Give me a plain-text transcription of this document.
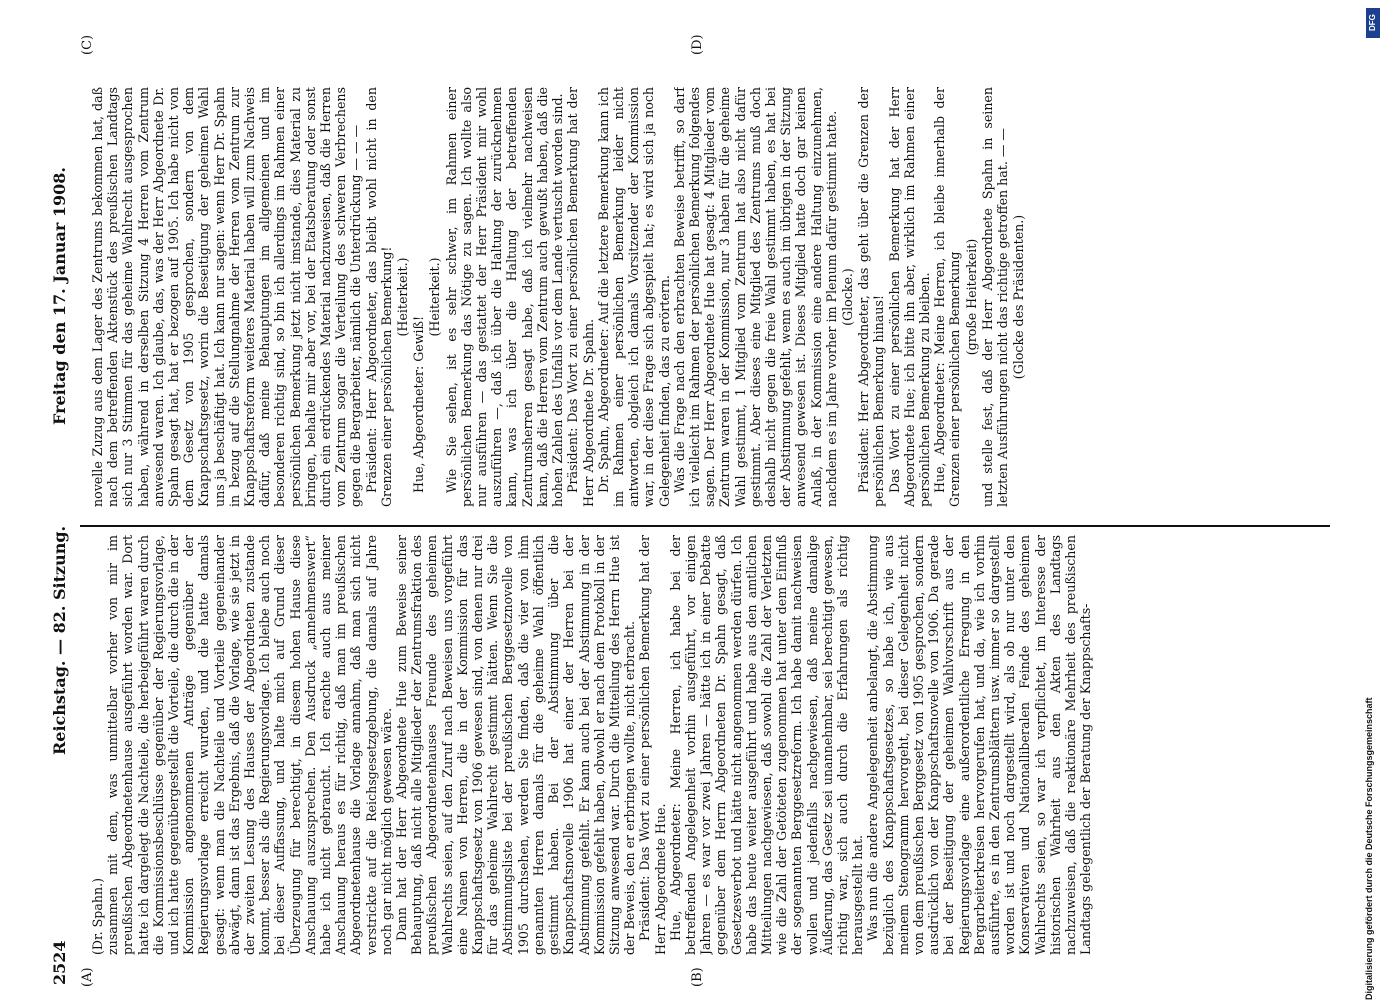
2524
Reichstag. — 82. Sitzung.
Freitag den 17. Januar 1908.
(A)	(B)
(C)	(D)

(Dr. Spahn.) zusammen mit dem, was unmittelbar vorher von mir im preußischen Abgeordnetenhause ausgeführt worden war. Dort hatte ich dargelegt die Nachteile, die herbeigeführt waren durch die Kommissionsbeschlüsse gegenüber der Regierungsvorlage, und ich hatte gegenübergestellt die Vorteile, die durch die in der Kommission angenommenen Anträge gegenüber der Regierungsvorlage erreicht wurden, und die hatte damals gesagt: wenn man die Nachteile und Vorteile gegeneinander abwägt, dann ist das Ergebnis, daß die Vorlage, wie sie jetzt in der zweiten Lesung des Hauses der Abgeordneten zustande kommt, besser als die Regierungsvorlage. Ich bleibe auch noch bei dieser Auffassung, und halte mich auf Grund dieser Überzeugung für berechtigt, in diesem hohen Hause diese Anschauung auszusprechen. Den Ausdruck „annehmenswert“ habe ich nicht gebraucht. Ich erachte auch aus meiner Anschauung heraus es für richtig, daß man im preußischen Abgeordnetenhause die Vorlage annahm, daß man sich nicht verstrickte auf die Reichsgesetzgebung, die damals auf Jahre noch gar nicht möglich gewesen wäre. Dann hat der Herr Abgeordnete Hue zum Beweise seiner Behauptung, daß nicht alle Mitglieder der Zentrumsfraktion des preußischen Abgeordnetenhauses Freunde des geheimen Wahlrechts seien, auf den Zuruf nach Beweisen uns vorgeführt eine Namen von Herren, die in der Kommission für das Knappschaftsgesetz von 1906 gewesen sind, von denen nur drei für das geheime Wahlrecht gestimmt hätten. Wenn Sie die Abstimmungsliste bei der preußischen Berggesetznovelle von 1905 durchsehen, werden Sie finden, daß die vier von ihm genannten Herren damals für die geheime Wahl öffentlich gestimmt haben. Bei der Abstimmung über die Knappschaftsnovelle 1906 hat einer der Herren bei der Abstimmung gefehlt. Er kann auch bei der Abstimmung in der Kommission gefehlt haben, obwohl er nach dem Protokoll in der Sitzung anwesend war. Durch die Mitteilung des Herrn Hue ist der Beweis, den er erbringen wollte, nicht erbracht. Präsident: Das Wort zu einer persönlichen Bemerkung hat der Herr Abgeordnete Hue. Hue, Abgeordneter: Meine Herren, ich habe bei der betreffenden Angelegenheit vorhin ausgeführt, vor einigen Jahren — es war vor zwei Jahren — hätte ich in einer Debatte gegenüber dem Herrn Abgeordneten Dr. Spahn gesagt, daß Gesetzesverbot und hätte nicht angenommen werden dürfen. Ich habe das heute weiter ausgeführt und habe aus den amtlichen Mitteilungen nachgewiesen, daß sowohl die Zahl der Verletzten wie die Zahl der Getöteten zugenommen hat unter dem Einfluß der sogenannten Berggesetzreform. Ich habe damit nachweisen wollen und jedenfalls nachgewiesen, daß meine damalige Äußerung, das Gesetz sei unannehmbar, sei berechtigt gewesen, richtig war, sich auch durch die Erfahrungen als richtig herausgestellt hat. Was nun die andere Angelegenheit anbelangt, die Abstimmung bezüglich des Knappschaftsgesetzes, so habe ich, wie aus meinem Stenogramm hervorgeht, bei dieser Gelegenheit nicht von dem preußischen Berggesetz von 1905 gesprochen, sondern ausdrücklich von der Knappschaftsnovelle von 1906. Da gerade bei der Beseitigung der geheimen Wahlvorschrift aus der Regierungsvorlage eine außerordentliche Erregung in den Bergarbeiterkreisen hervorgerufen hat, und da, wie ich vorhin ausführte, es in den Zentrumsblättern usw. immer so dargestellt worden ist und noch dargestellt wird, als ob nur unter den Konservativen und Nationalliberalen Feinde des geheimen Wahlrechts seien, so war ich verpflichtet, im Interesse der historischen Wahrheit aus den Akten des Landtags nachzuweisen, daß die reaktionäre Mehrheit des preußischen Landtags gelegentlich der Beratung der Knappschafts-

novelle Zuzug aus dem Lager des Zentrums bekommen hat, daß nach dem betreffenden Aktenstück des preußischen Landtags sich nur 3 Stimmen für das geheime Wahlrecht ausgesprochen haben, während in derselben Sitzung 4 Herren vom Zentrum anwesend waren. Ich glaube, das, was der Herr Abgeordnete Dr. Spahn gesagt hat, hat er bezogen auf 1905. Ich habe nicht von dem Gesetz von 1905 gesprochen, sondern von dem Knappschaftsgesetz, worin die Beseitigung der geheimen Wahl uns ja beschäftigt hat. Ich kann nur sagen: wenn Herr Dr. Spahn in bezug auf die Stellungnahme der Herren vom Zentrum zur Knappschaftsreform weiteres Material haben will zum Nachweis dafür, daß meine Behauptungen im allgemeinen und im besonderen richtig sind, so bin ich allerdings im Rahmen einer persönlichen Bemerkung jetzt nicht imstande, dies Material zu bringen, behalte mir aber vor, bei der Etatsberatung oder sonst durch ein erdrückendes Material nachzuweisen, daß die Herren vom Zentrum sogar die Verteilung des schweren Verbrechens gegen die Bergarbeiter, nämlich die Unterdrückung — — — Präsident: Herr Abgeordneter, das bleibt wohl nicht in den Grenzen einer persönlichen Bemerkung! (Heiterkeit.)

Hue, Abgeordneter: Gewiß!

(Heiterkeit.) Wie Sie sehen, ist es sehr schwer, im Rahmen einer persönlichen Bemerkung das Nötige zu sagen. Ich wollte also nur ausführen — das gestattet der Herr Präsident mir wohl auszuführen —, daß ich über die Haltung der zurücknehmen kann, was ich über die Haltung der betreffenden Zentrumsherren gesagt habe, daß ich vielmehr nachweisen kann, daß die Herren vom Zentrum auch gewußt haben, daß die hohen Zahlen des Unfalls vor dem Lande vertuscht worden sind. Präsident: Das Wort zu einer persönlichen Bemerkung hat der Herr Abgeordnete Dr. Spahn. Dr. Spahn, Abgeordneter: Auf die letztere Bemerkung kann ich im Rahmen einer persönlichen Bemerkung leider nicht antworten, obgleich ich damals Vorsitzender der Kommission war, in der diese Frage sich abgespielt hat; es wird sich ja noch Gelegenheit finden, das zu erörtern. Was die Frage nach den erbrachten Beweise betrifft, so darf ich vielleicht im Rahmen der persönlichen Bemerkung folgendes sagen. Der Herr Abgeordnete Hue hat gesagt: 4 Mitglieder vom Zentrum waren in der Kommission, nur 3 haben für die geheime Wahl gestimmt, 1 Mitglied vom Zentrum hat also nicht dafür gestimmt. Aber dieses eine Mitglied des Zentrums muß doch deshalb nicht gegen die freie Wahl gestimmt haben, es hat bei der Abstimmung gefehlt, wenn es auch im übrigen in der Sitzung anwesend gewesen ist. Dieses Mitglied hatte doch gar keinen Anlaß, in der Kommission eine andere Haltung einzunehmen, nachdem es im Jahre vorher im Plenum dafür gestimmt hatte. (Glocke.) Präsident: Herr Abgeordneter, das geht über die Grenzen der persönlichen Bemerkung hinaus! Das Wort zu einer persönlichen Bemerkung hat der Herr Abgeordnete Hue; ich bitte ihn aber, wirklich im Rahmen einer persönlichen Bemerkung zu bleiben. Hue, Abgeordneter: Meine Herren, ich bleibe innerhalb der Grenzen einer persönlichen Bemerkung (große Heiterkeit) und stelle fest, daß der Herr Abgeordnete Spahn in seinen letzten Ausführungen nicht das richtige getroffen hat. — — (Glocke des Präsidenten.)

DFG
Digitalisierung gefördert durch die Deutsche Forschungsgemeinschaft
